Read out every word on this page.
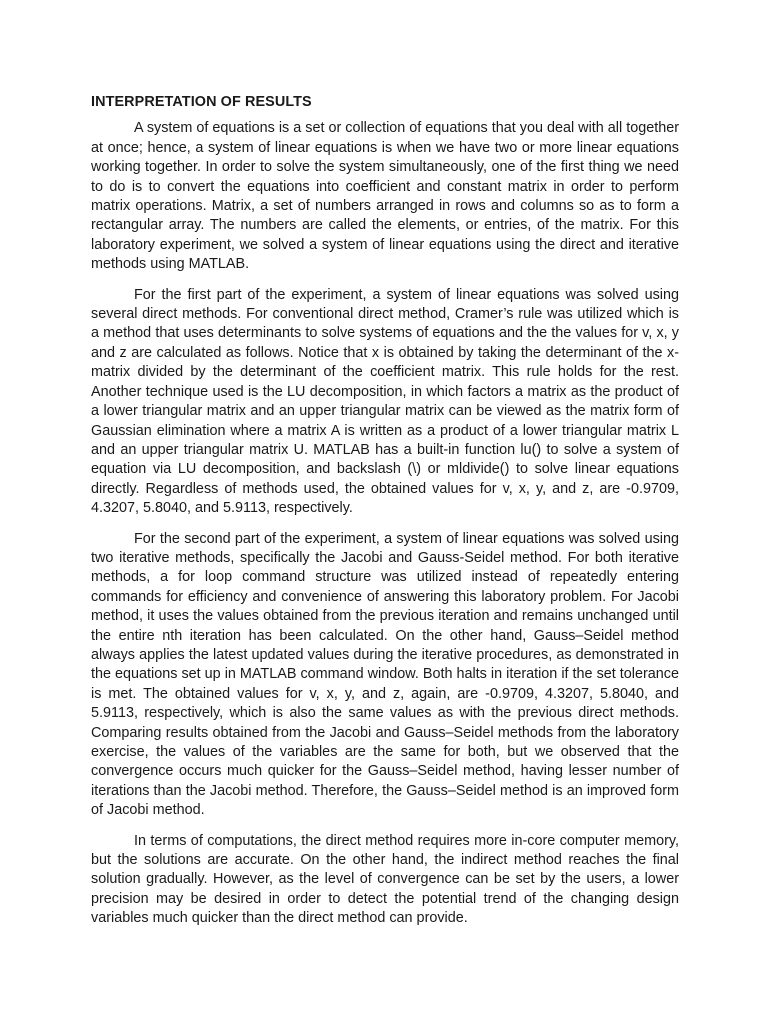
INTERPRETATION OF RESULTS

A system of equations is a set or collection of equations that you deal with all together at once; hence, a system of linear equations is when we have two or more linear equations working together. In order to solve the system simultaneously, one of the first thing we need to do is to convert the equations into coefficient and constant matrix in order to perform matrix operations. Matrix, a set of numbers arranged in rows and columns so as to form a rectangular array. The numbers are called the elements, or entries, of the matrix. For this laboratory experiment, we solved a system of linear equations using the direct and iterative methods using MATLAB.

For the first part of the experiment, a system of linear equations was solved using several direct methods. For conventional direct method, Cramer’s rule was utilized which is a method that uses determinants to solve systems of equations and the the values for v, x, y and z are calculated as follows. Notice that x is obtained by taking the determinant of the x-matrix divided by the determinant of the coefficient matrix. This rule holds for the rest. Another technique used is the LU decomposition, in which factors a matrix as the product of a lower triangular matrix and an upper triangular matrix can be viewed as the matrix form of Gaussian elimination where a matrix A is written as a product of a lower triangular matrix L and an upper triangular matrix U. MATLAB has a built-in function lu() to solve a system of equation via LU decomposition, and backslash (\) or mldivide() to solve linear equations directly. Regardless of methods used, the obtained values for v, x, y, and z, are -0.9709, 4.3207, 5.8040, and 5.9113, respectively.

For the second part of the experiment, a system of linear equations was solved using two iterative methods, specifically the Jacobi and Gauss-Seidel method. For both iterative methods, a for loop command structure was utilized instead of repeatedly entering commands for efficiency and convenience of answering this laboratory problem. For Jacobi method, it uses the values obtained from the previous iteration and remains unchanged until the entire nth iteration has been calculated. On the other hand, Gauss–Seidel method always applies the latest updated values during the iterative procedures, as demonstrated in the equations set up in MATLAB command window. Both halts in iteration if the set tolerance is met. The obtained values for v, x, y, and z, again, are -0.9709, 4.3207, 5.8040, and 5.9113, respectively, which is also the same values as with the previous direct methods. Comparing results obtained from the Jacobi and Gauss–Seidel methods from the laboratory exercise, the values of the variables are the same for both, but we observed that the convergence occurs much quicker for the Gauss–Seidel method, having lesser number of iterations than the Jacobi method. Therefore, the Gauss–Seidel method is an improved form of Jacobi method.

In terms of computations, the direct method requires more in-core computer memory, but the solutions are accurate. On the other hand, the indirect method reaches the final solution gradually. However, as the level of convergence can be set by the users, a lower precision may be desired in order to detect the potential trend of the changing design variables much quicker than the direct method can provide.
